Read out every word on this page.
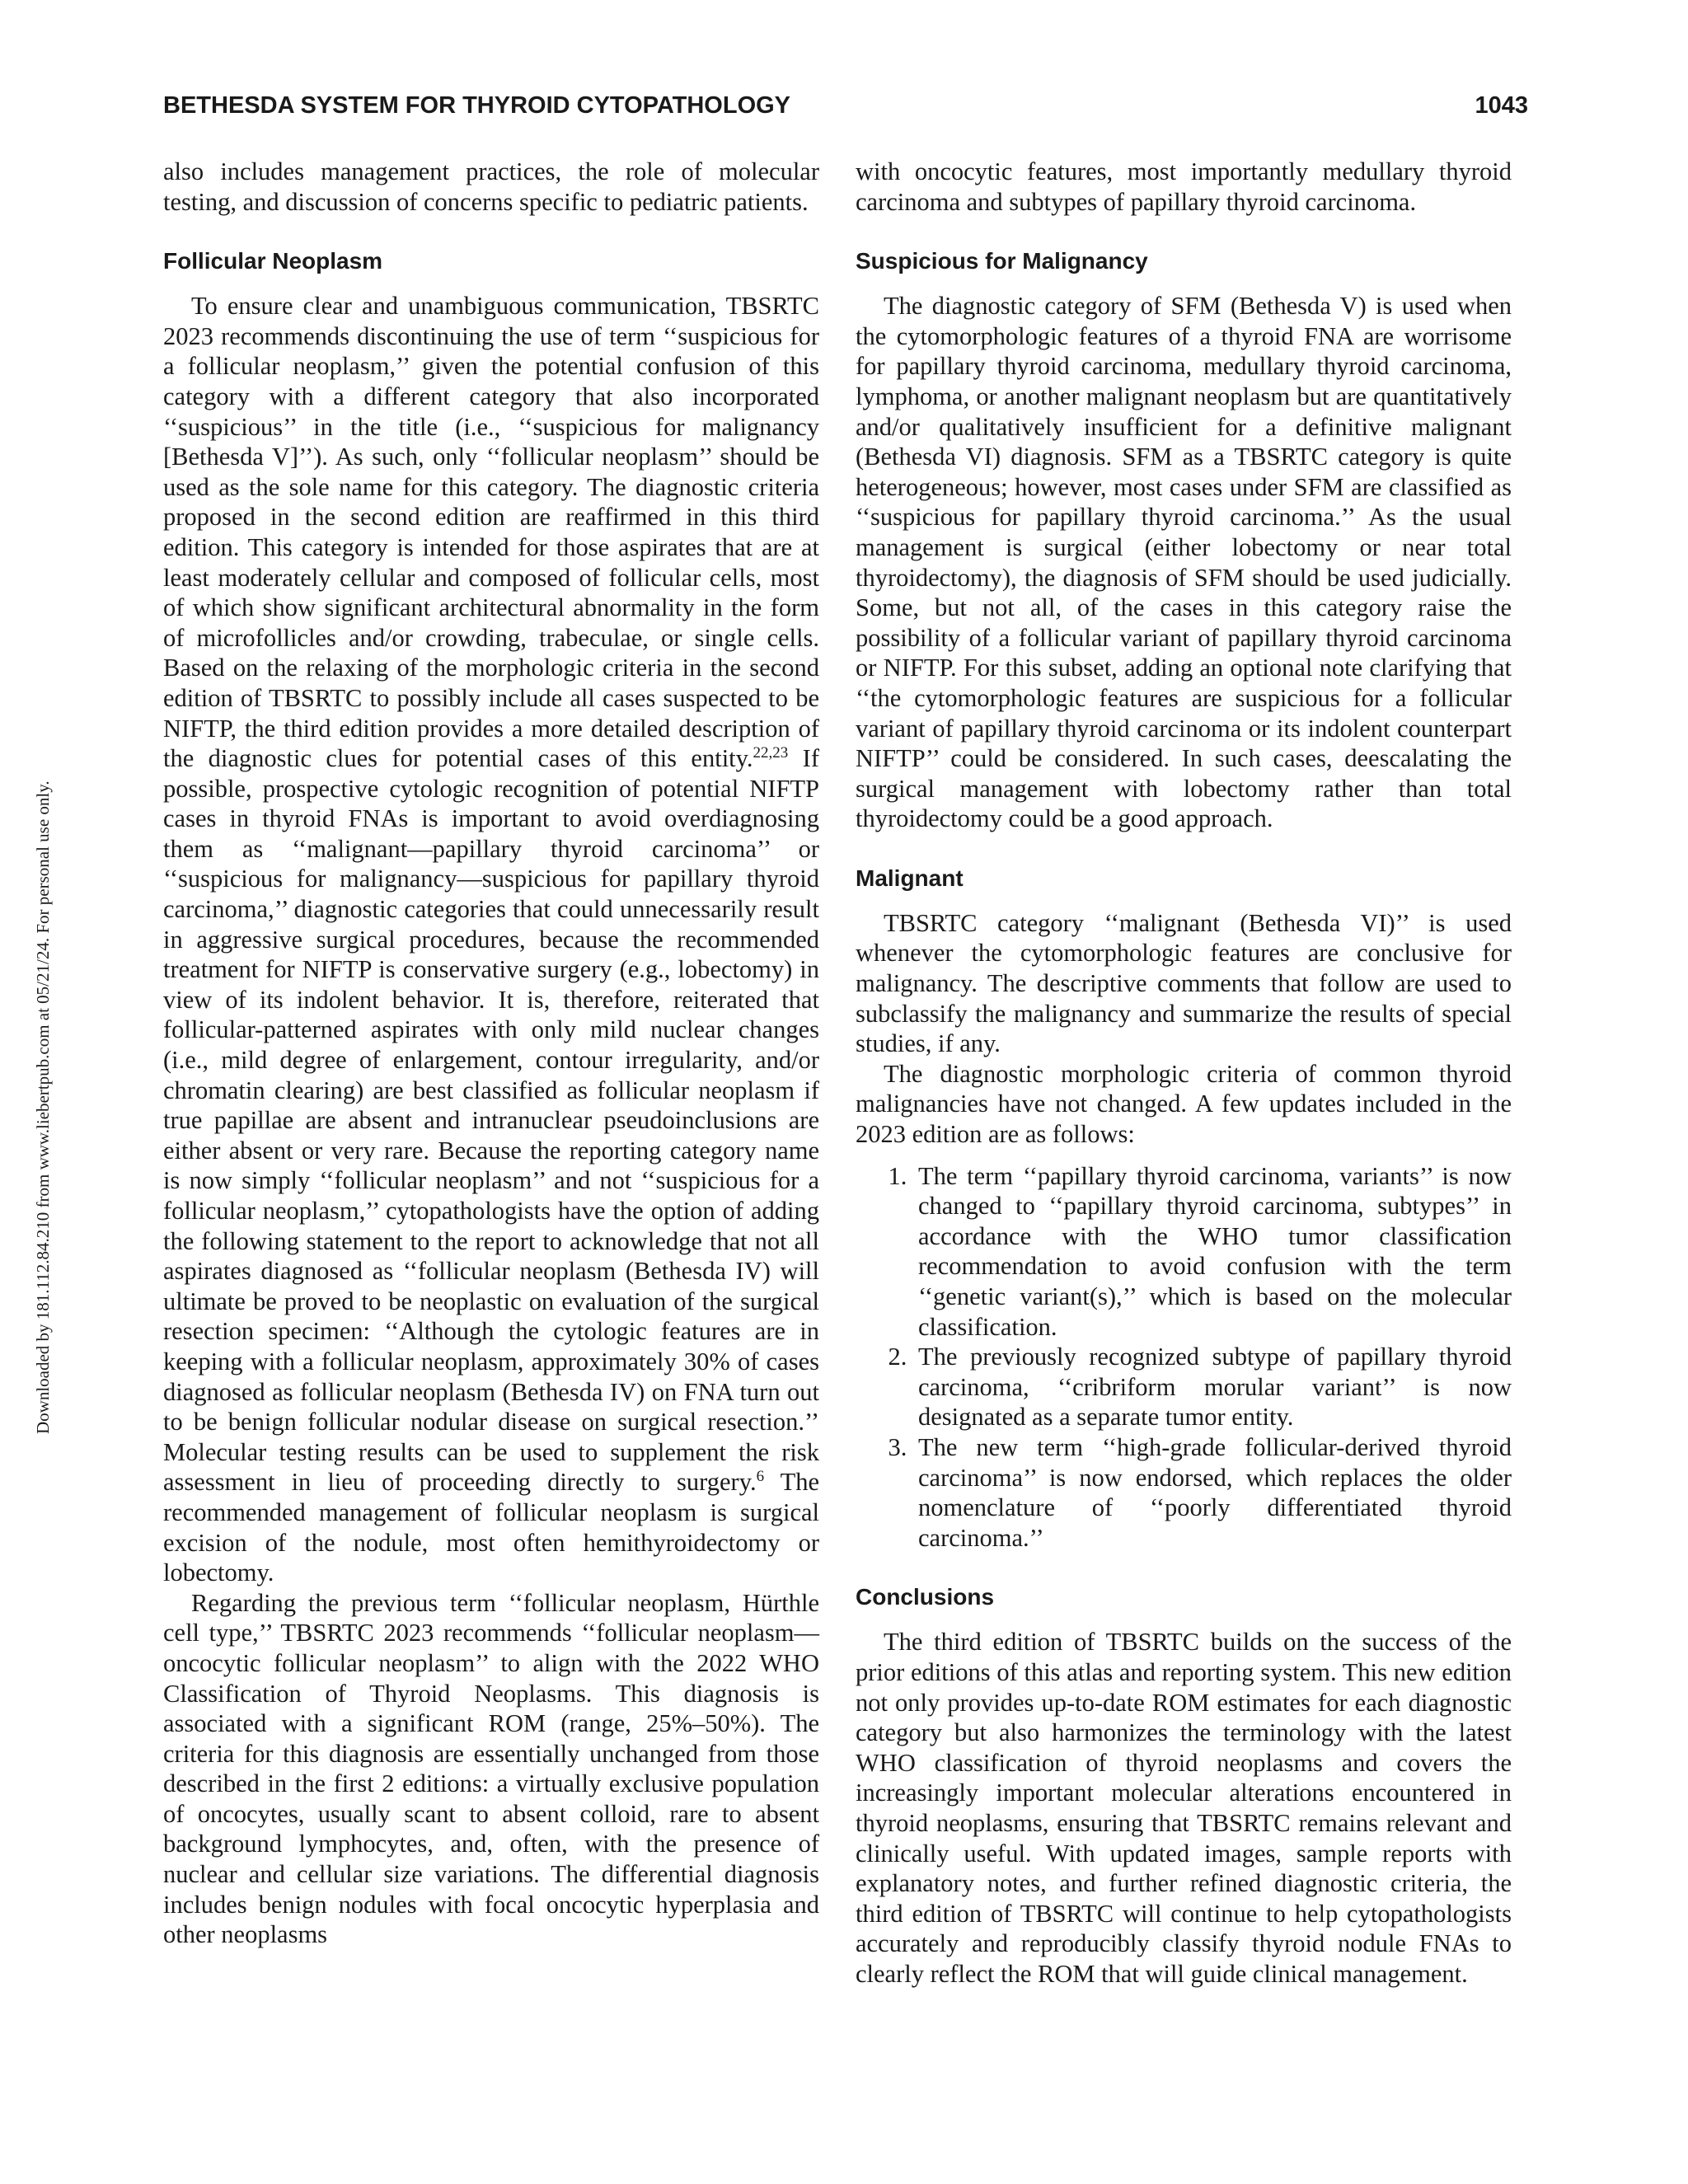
BETHESDA SYSTEM FOR THYROID CYTOPATHOLOGY	1043
Downloaded by 181.112.84.210 from www.liebertpub.com at 05/21/24. For personal use only.

also includes management practices, the role of molecular testing, and discussion of concerns specific to pediatric patients.

Follicular Neoplasm

To ensure clear and unambiguous communication, TBSRTC 2023 recommends discontinuing the use of term ‘‘suspicious for a follicular neoplasm,’’ given the potential confusion of this category with a different category that also incorporated ‘‘suspicious’’ in the title (i.e., ‘‘suspicious for malignancy [Bethesda V]’’). As such, only ‘‘follicular neoplasm’’ should be used as the sole name for this category. The diagnostic criteria proposed in the second edition are reaffirmed in this third edition. This category is intended for those aspirates that are at least moderately cellular and composed of follicular cells, most of which show significant architectural abnormality in the form of microfollicles and/or crowding, trabeculae, or single cells. Based on the relaxing of the morphologic criteria in the second edition of TBSRTC to possibly include all cases suspected to be NIFTP, the third edition provides a more detailed description of the diagnostic clues for potential cases of this entity.$^{22,23}$ If possible, prospective cytologic recognition of potential NIFTP cases in thyroid FNAs is important to avoid overdiagnosing them as ‘‘malignant—papillary thyroid carcinoma’’ or ‘‘suspicious for malignancy—suspicious for papillary thyroid carcinoma,’’ diagnostic categories that could unnecessarily result in aggressive surgical procedures, because the recommended treatment for NIFTP is conservative surgery (e.g., lobectomy) in view of its indolent behavior. It is, therefore, reiterated that follicular-patterned aspirates with only mild nuclear changes (i.e., mild degree of enlargement, contour irregularity, and/or chromatin clearing) are best classified as follicular neoplasm if true papillae are absent and intranuclear pseudoinclusions are either absent or very rare. Because the reporting category name is now simply ‘‘follicular neoplasm’’ and not ‘‘suspicious for a follicular neoplasm,’’ cytopathologists have the option of adding the following statement to the report to acknowledge that not all aspirates diagnosed as ‘‘follicular neoplasm (Bethesda IV) will ultimate be proved to be neoplastic on evaluation of the surgical resection specimen: ‘‘Although the cytologic features are in keeping with a follicular neoplasm, approximately 30% of cases diagnosed as follicular neoplasm (Bethesda IV) on FNA turn out to be benign follicular nodular disease on surgical resection.’’ Molecular testing results can be used to supplement the risk assessment in lieu of proceeding directly to surgery.$^6$ The recommended management of follicular neoplasm is surgical excision of the nodule, most often hemithyroidectomy or lobectomy.

Regarding the previous term ‘‘follicular neoplasm, Hürthle cell type,’’ TBSRTC 2023 recommends ‘‘follicular neoplasm—oncocytic follicular neoplasm’’ to align with the 2022 WHO Classification of Thyroid Neoplasms. This diagnosis is associated with a significant ROM (range, 25%–50%). The criteria for this diagnosis are essentially unchanged from those described in the first 2 editions: a virtually exclusive population of oncocytes, usually scant to absent colloid, rare to absent background lymphocytes, and, often, with the presence of nuclear and cellular size variations. The differential diagnosis includes benign nodules with focal oncocytic hyperplasia and other neoplasms

with oncocytic features, most importantly medullary thyroid carcinoma and subtypes of papillary thyroid carcinoma.

Suspicious for Malignancy

The diagnostic category of SFM (Bethesda V) is used when the cytomorphologic features of a thyroid FNA are worrisome for papillary thyroid carcinoma, medullary thyroid carcinoma, lymphoma, or another malignant neoplasm but are quantitatively and/or qualitatively insufficient for a definitive malignant (Bethesda VI) diagnosis. SFM as a TBSRTC category is quite heterogeneous; however, most cases under SFM are classified as ‘‘suspicious for papillary thyroid carcinoma.’’ As the usual management is surgical (either lobectomy or near total thyroidectomy), the diagnosis of SFM should be used judicially. Some, but not all, of the cases in this category raise the possibility of a follicular variant of papillary thyroid carcinoma or NIFTP. For this subset, adding an optional note clarifying that ‘‘the cytomorphologic features are suspicious for a follicular variant of papillary thyroid carcinoma or its indolent counterpart NIFTP’’ could be considered. In such cases, deescalating the surgical management with lobectomy rather than total thyroidectomy could be a good approach.

Malignant

TBSRTC category ‘‘malignant (Bethesda VI)’’ is used whenever the cytomorphologic features are conclusive for malignancy. The descriptive comments that follow are used to subclassify the malignancy and summarize the results of special studies, if any.

The diagnostic morphologic criteria of common thyroid malignancies have not changed. A few updates included in the 2023 edition are as follows:

1. The term ‘‘papillary thyroid carcinoma, variants’’ is now changed to ‘‘papillary thyroid carcinoma, subtypes’’ in accordance with the WHO tumor classification recommendation to avoid confusion with the term ‘‘genetic variant(s),’’ which is based on the molecular classification.
2. The previously recognized subtype of papillary thyroid carcinoma, ‘‘cribriform morular variant’’ is now designated as a separate tumor entity.
3. The new term ‘‘high-grade follicular-derived thyroid carcinoma’’ is now endorsed, which replaces the older nomenclature of ‘‘poorly differentiated thyroid carcinoma.’’
Conclusions

The third edition of TBSRTC builds on the success of the prior editions of this atlas and reporting system. This new edition not only provides up-to-date ROM estimates for each diagnostic category but also harmonizes the terminology with the latest WHO classification of thyroid neoplasms and covers the increasingly important molecular alterations encountered in thyroid neoplasms, ensuring that TBSRTC remains relevant and clinically useful. With updated images, sample reports with explanatory notes, and further refined diagnostic criteria, the third edition of TBSRTC will continue to help cytopathologists accurately and reproducibly classify thyroid nodule FNAs to clearly reflect the ROM that will guide clinical management.
